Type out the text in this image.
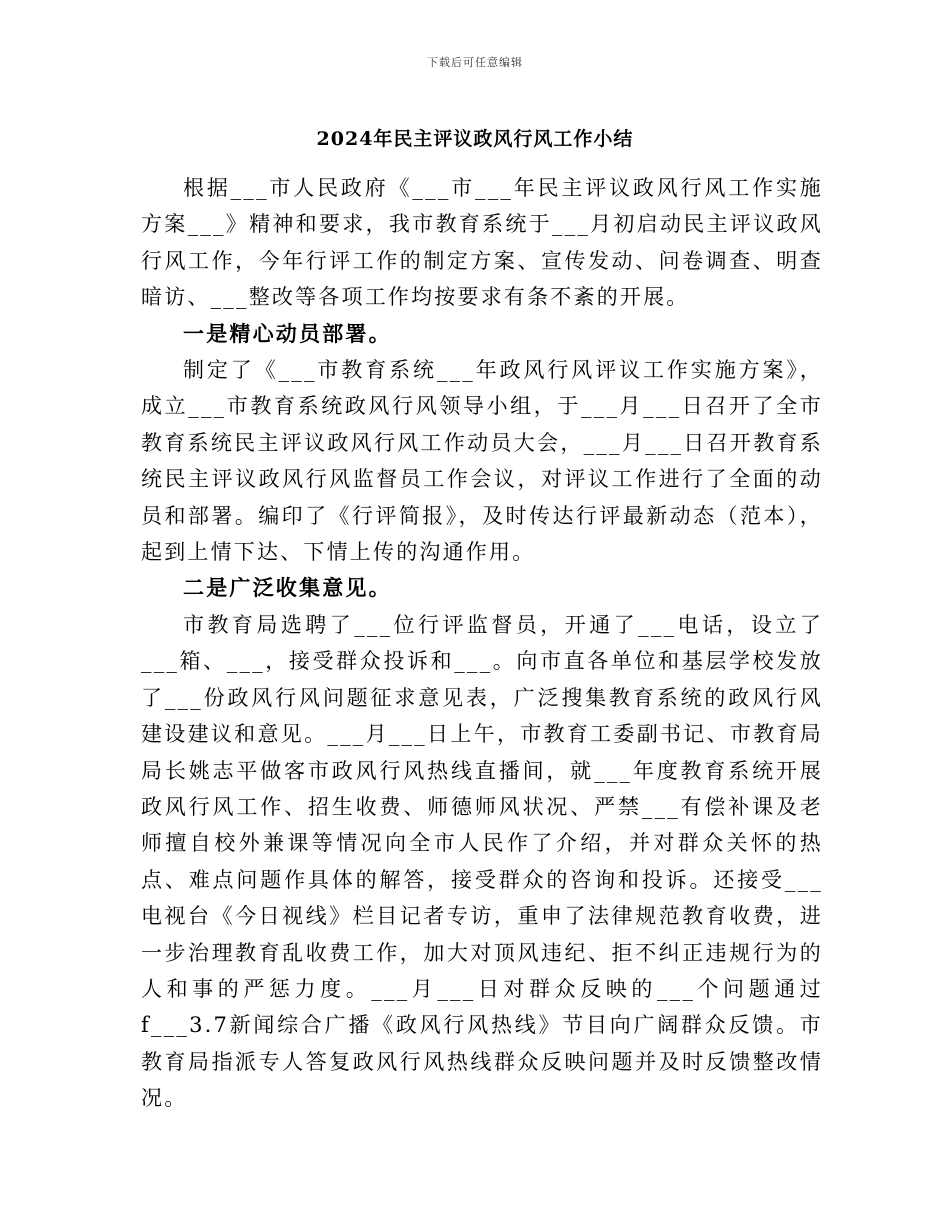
下载后可任意编辑
2024年民主评议政风行风工作小结

根据___市人民政府《___市___年民主评议政风行风工作实施方案___》精神和要求，我市教育系统于___月初启动民主评议政风行风工作，今年行评工作的制定方案、宣传发动、问卷调查、明查暗访、___整改等各项工作均按要求有条不紊的开展。

一是精心动员部署。

制定了《___市教育系统___年政风行风评议工作实施方案》，成立___市教育系统政风行风领导小组，于___月___日召开了全市教育系统民主评议政风行风工作动员大会，___月___日召开教育系统民主评议政风行风监督员工作会议，对评议工作进行了全面的动员和部署。编印了《行评简报》，及时传达行评最新动态（范本），起到上情下达、下情上传的沟通作用。

二是广泛收集意见。

市教育局选聘了___位行评监督员，开通了___电话，设立了___箱、___，接受群众投诉和___。向市直各单位和基层学校发放了___份政风行风问题征求意见表，广泛搜集教育系统的政风行风建设建议和意见。___月___日上午，市教育工委副书记、市教育局局长姚志平做客市政风行风热线直播间，就___年度教育系统开展政风行风工作、招生收费、师德师风状况、严禁___有偿补课及老师擅自校外兼课等情况向全市人民作了介绍，并对群众关怀的热点、难点问题作具体的解答，接受群众的咨询和投诉。还接受___电视台《今日视线》栏目记者专访，重申了法律规范教育收费，进一步治理教育乱收费工作，加大对顶风违纪、拒不纠正违规行为的人和事的严惩力度。___月___日对群众反映的___个问题通过f___3.7新闻综合广播《政风行风热线》节目向广阔群众反馈。市教育局指派专人答复政风行风热线群众反映问题并及时反馈整改情况。
